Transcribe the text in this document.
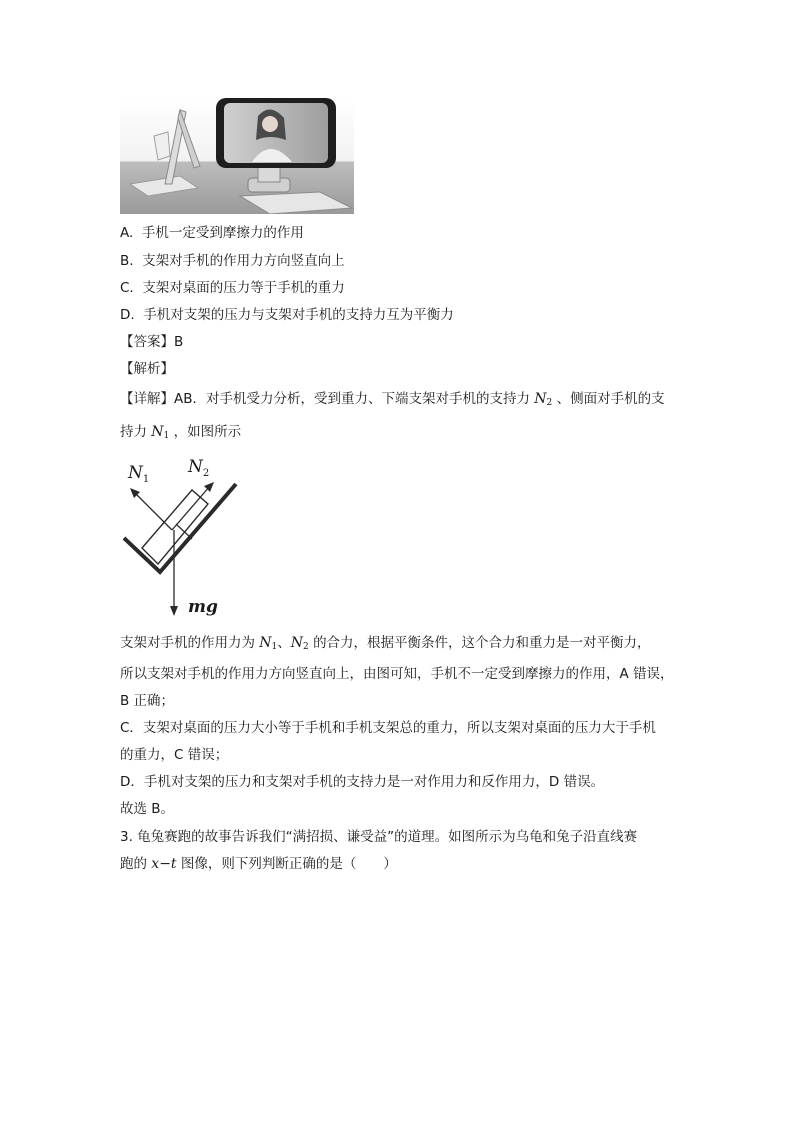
A. 手机一定受到摩擦力的作用
B. 支架对手机的作用力方向竖直向上
C. 支架对桌面的压力等于手机的重力
D. 手机对支架的压力与支架对手机的支持力互为平衡力
【答案】B
【解析】
【详解】AB．对手机受力分析，受到重力、下端支架对手机的支持力 $N_2$ 、侧面对手机的支
持力 $N_1$ ，如图所示
$N_1$
$N_2$
mg
支架对手机的作用力为 $N_1$、$N_2$ 的合力，根据平衡条件，这个合力和重力是一对平衡力，
所以支架对手机的作用力方向竖直向上，由图可知，手机不一定受到摩擦力的作用，A 错误，
B 正确；
C．支架对桌面的压力大小等于手机和手机支架总的重力，所以支架对桌面的压力大于手机
的重力，C 错误；
D．手机对支架的压力和支架对手机的支持力是一对作用力和反作用力，D 错误。
故选 B。
3. 龟兔赛跑的故事告诉我们“满招损、谦受益”的道理。如图所示为乌龟和兔子沿直线赛
跑的 x−t 图像，则下列判断正确的是（　　）
